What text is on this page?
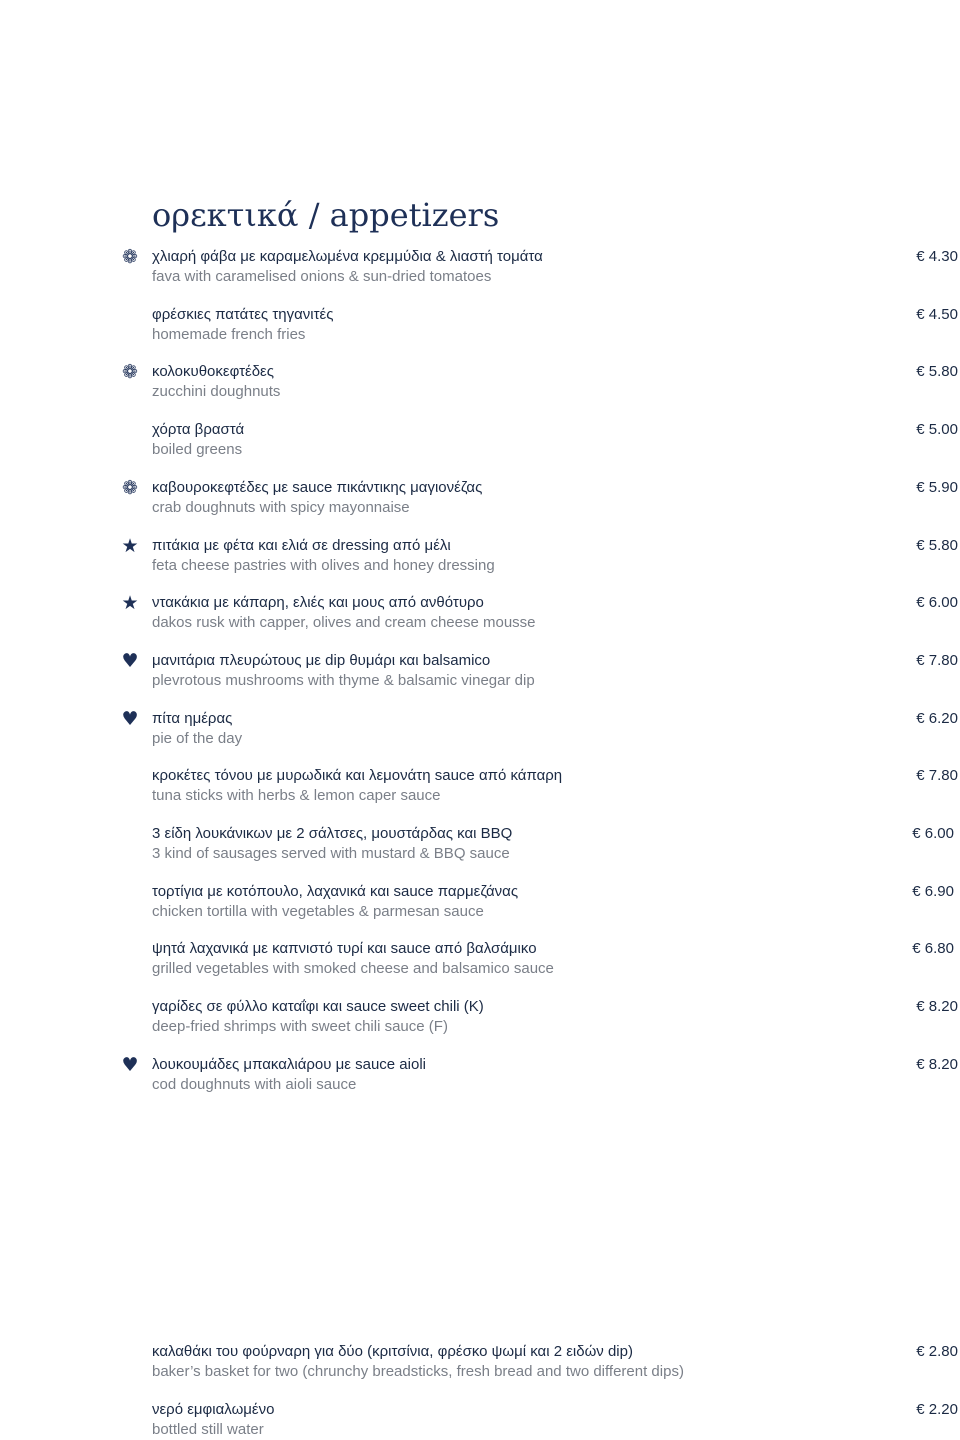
ορεκτικά / appetizers
❁ χλιαρή φάβα με καραμελωμένα κρεμμύδια & λιαστή τομάτα
fava with caramelised onions & sun-dried tomatoes
€ 4.30
φρέσκιες πατάτες τηγανιτές
homemade french fries
€ 4.50
❁ κολοκυθοκεφτέδες
zucchini doughnuts
€ 5.80
χόρτα βραστά
boiled greens
€ 5.00
❁ καβουροκεφτέδες με sauce πικάντικης μαγιονέζας
crab doughnuts with spicy mayonnaise
€ 5.90
★ πιτάκια με φέτα και ελιά σε dressing από μέλι
feta cheese pastries with olives and honey dressing
€ 5.80
★ ντακάκια με κάπαρη, ελιές και μους από ανθότυρο
dakos rusk with capper, olives and cream cheese mousse
€ 6.00
♥ μανιτάρια πλευρώτους με dip θυμάρι και balsamico
plevrotous mushrooms with thyme & balsamic vinegar dip
€ 7.80
♥ πίτα ημέρας
pie of the day
€ 6.20
κροκέτες τόνου με μυρωδικά και λεμονάτη sauce από κάπαρη
tuna sticks with herbs & lemon caper sauce
€ 7.80
3 είδη λουκάνικων με 2 σάλτσες, μουστάρδας και BBQ
3 kind of sausages served with mustard & BBQ sauce
€ 6.00
τορτίγια με κοτόπουλο, λαχανικά και sauce παρμεζάνας
chicken tortilla with vegetables & parmesan sauce
€ 6.90
ψητά λαχανικά με καπνιστό τυρί και sauce από βαλσάμικο
grilled vegetables with smoked cheese and balsamico sauce
€ 6.80
γαρίδες σε φύλλο καταΐφι και sauce sweet chili (K)
deep-fried shrimps with sweet chili sauce (F)
€ 8.20
♥ λουκουμάδες μπακαλιάρου με sauce aioli
cod doughnuts with aioli sauce
€ 8.20
καλαθάκι του φούρναρη για δύο (κριτσίνια, φρέσκο ψωμί και 2 ειδών dip)
baker’s basket for two (chrunchy breadsticks, fresh bread and two different dips)
€ 2.80
νερό εμφιαλωμένο
bottled still water
€ 2.20
